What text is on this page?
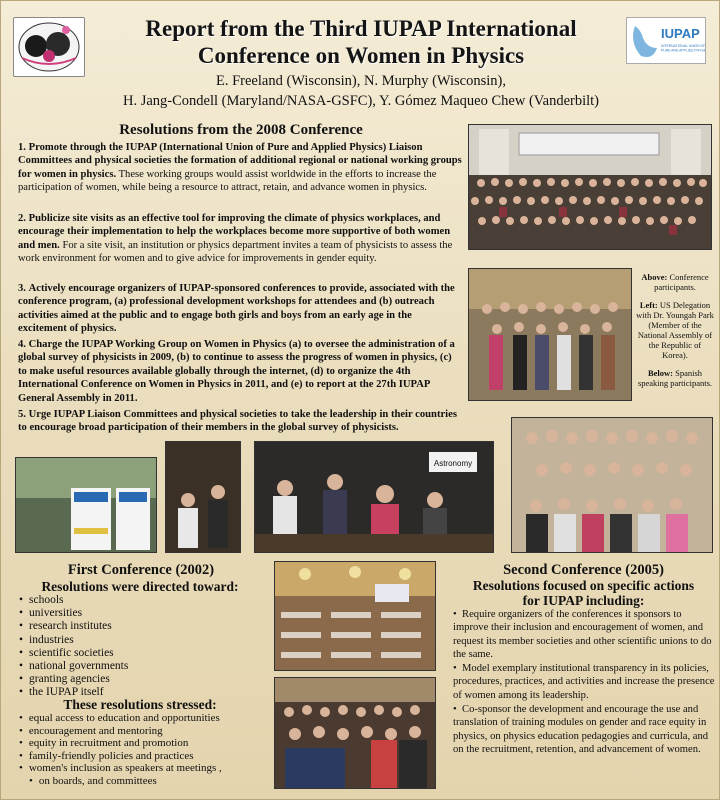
IUPAP
INTERNATIONAL UNION OF PURE AND APPLIED PHYSICS
Report from the Third IUPAP International
Conference on Women in Physics
E. Freeland (Wisconsin), N. Murphy (Wisconsin),
H. Jang-Condell (Maryland/NASA-GSFC), Y. Gómez Maqueo Chew (Vanderbilt)
Resolutions from the 2008 Conference
1. Promote through the IUPAP (International Union of Pure and Applied Physics) Liaison Committees and physical societies the formation of additional regional or national working groups for women in physics. These working groups would assist worldwide in the efforts to increase the participation of women, while being a resource to attract, retain, and advance women in physics.
2. Publicize site visits as an effective tool for improving the climate of physics workplaces, and encourage their implementation to help the workplaces become more supportive of both women and men. For a site visit, an institution or physics department invites a team of physicists to assess the work environment for women and to give advice for improvements in gender equity.
3. Actively encourage organizers of IUPAP-sponsored conferences to provide, associated with the conference program, (a) professional development workshops for attendees and (b) outreach activities aimed at the public and to engage both girls and boys from an early age in the excitement of physics.
4. Charge the IUPAP Working Group on Women in Physics (a) to oversee the administration of a global survey of physicists in 2009, (b) to continue to assess the progress of women in physics, (c) to make useful resources available globally through the internet, (d) to organize the 4th International Conference on Women in Physics in 2011, and (e) to report at the 27th IUPAP General Assembly in 2011.
5. Urge IUPAP Liaison Committees and physical societies to take the leadership in their countries to encourage broad participation of their members in the global survey of physicists.
Above: Conference participants.
Left: US Delegation with Dr. Youngah Park (Member of the National Assembly of the Republic of Korea).
Below: Spanish speaking participants.
Astronomy
First Conference (2002)
Resolutions were directed toward:
• schools
• universities
• research institutes
• industries
• scientific societies
• national governments
• granting agencies
• the IUPAP itself
These resolutions stressed:
• equal access to education and opportunities
• encouragement and mentoring
• equity in recruitment and promotion
• family-friendly policies and practices
• women's inclusion as speakers at meetings ,
• on boards, and committees
Second Conference (2005)
Resolutions focused on specific actions
for IUPAP including:

•  Require organizers of the conferences it sponsors to improve their inclusion and encouragement of women, and request its member societies and other scientific unions to do the same.

•  Model exemplary institutional transparency in its policies, procedures, practices, and activities and increase the presence of women among its leadership.

•  Co-sponsor the development and encourage the use and translation of training modules on gender and race equity in physics, on physics education pedagogies and curricula, and on the recruitment, retention, and advancement of women.
